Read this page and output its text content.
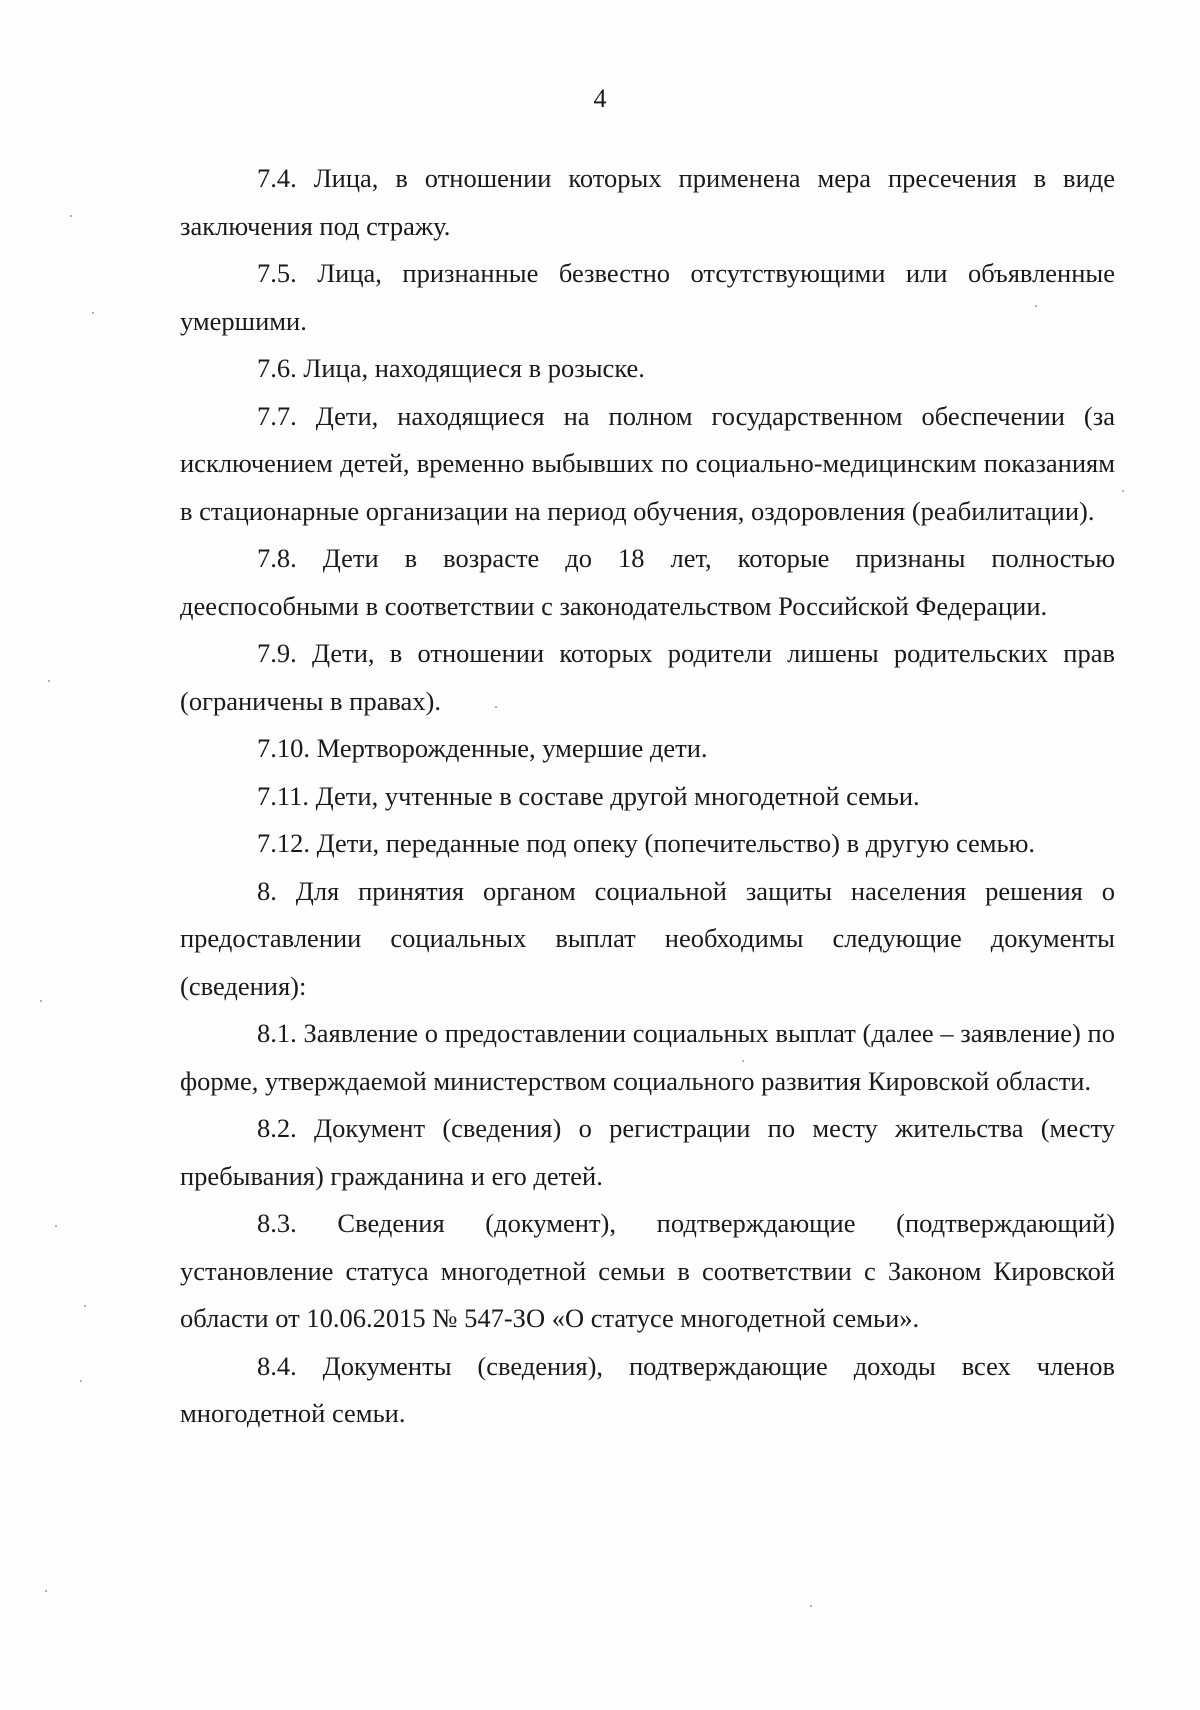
4

7.4. Лица, в отношении которых применена мера пресечения в виде заключения под стражу.

7.5. Лица, признанные безвестно отсутствующими или объявленные умершими.

7.6. Лица, находящиеся в розыске.

7.7. Дети, находящиеся на полном государственном обеспечении (за исключением детей, временно выбывших по социально-медицинским показаниям в стационарные организации на период обучения, оздоровления (реабилитации).

7.8. Дети в возрасте до 18 лет, которые признаны полностью дееспособными в соответствии с законодательством Российской Федерации.

7.9. Дети, в отношении которых родители лишены родительских прав (ограничены в правах).

7.10. Мертворожденные, умершие дети.

7.11. Дети, учтенные в составе другой многодетной семьи.

7.12. Дети, переданные под опеку (попечительство) в другую семью.

8. Для принятия органом социальной защиты населения решения о предоставлении социальных выплат необходимы следующие документы (сведения):

8.1. Заявление о предоставлении социальных выплат (далее – заявление) по форме, утверждаемой министерством социального развития Кировской области.

8.2. Документ (сведения) о регистрации по месту жительства (месту пребывания) гражданина и его детей.

8.3. Сведения (документ), подтверждающие (подтверждающий) установление статуса многодетной семьи в соответствии с Законом Кировской области от 10.06.2015 № 547-ЗО «О статусе многодетной семьи».

8.4. Документы (сведения), подтверждающие доходы всех членов многодетной семьи.
